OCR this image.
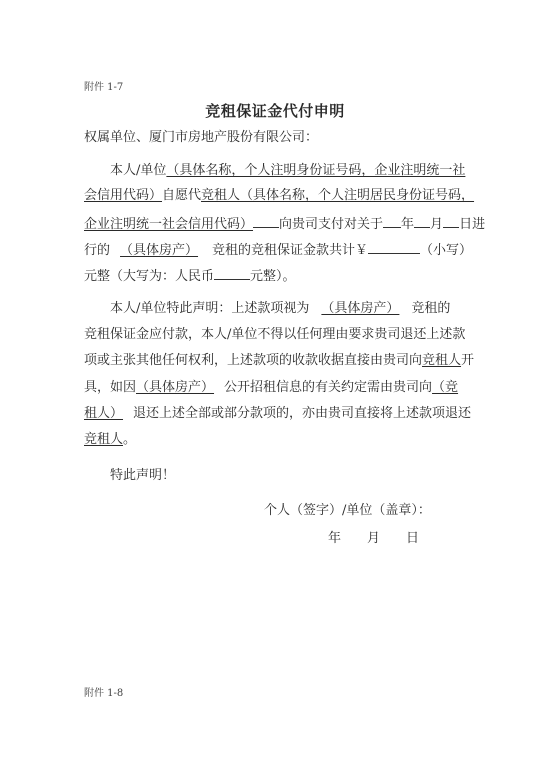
附件 1-7
竞租保证金代付申明
权属单位、厦门市房地产股份有限公司：
本人/单位（具体名称，个人注明身份证号码，企业注明统一社
会信用代码）自愿代竞租人（具体名称，个人注明居民身份证号码，
企业注明统一社会信用代码） 向贵司支付对关于 年 月 日进
行的 （具体房产） 竞租的竞租保证金款共计￥	（小写）
元整（大写为：人民币	元整）。
本人/单位特此声明：上述款项视为 （具体房产） 竞租的
竞租保证金应付款，本人/单位不得以任何理由要求贵司退还上述款
项或主张其他任何权利，上述款项的收款收据直接由贵司向竞租人开
具，如因（具体房产） 公开招租信息的有关约定需由贵司向（竞
租人） 退还上述全部或部分款项的，亦由贵司直接将上述款项退还
竞租人。
特此声明！
个人（签字）/单位（盖章）：
年　　月　　日
附件 1-8
